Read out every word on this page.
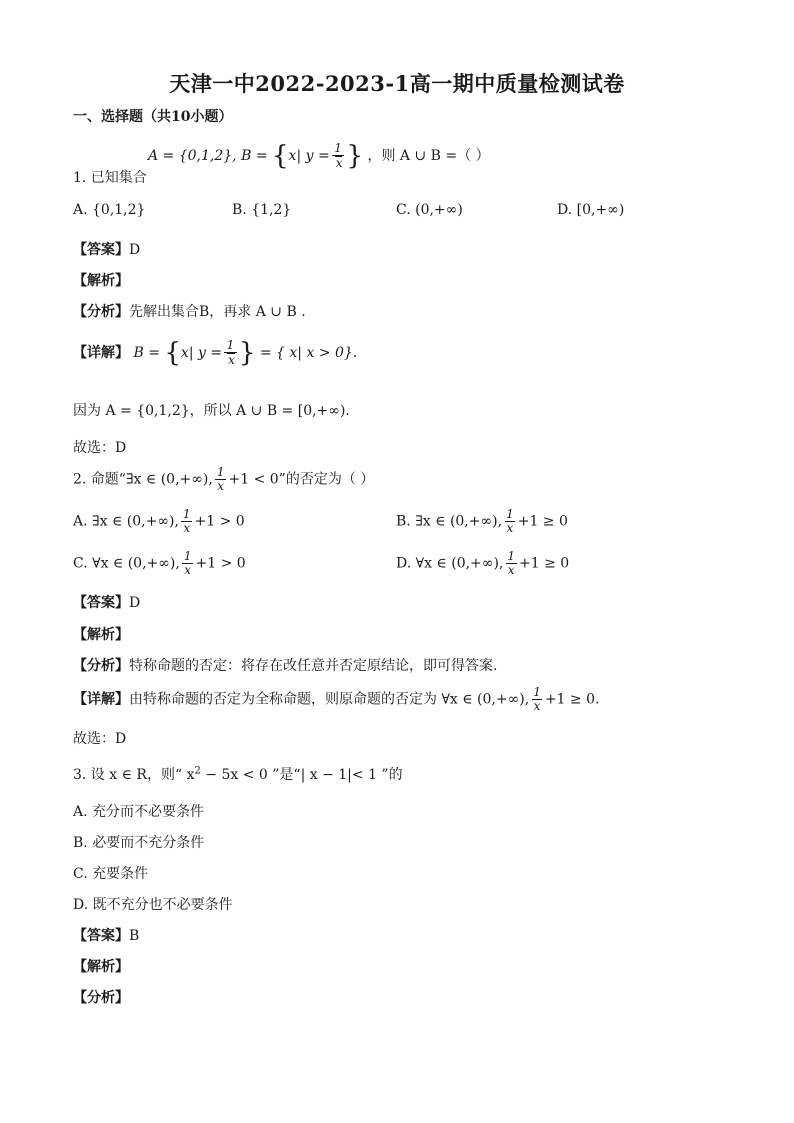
天津一中2022-2023-1高一期中质量检测试卷
一、选择题（共10小题）
A = {0,1,2}, B = {x| $y = \frac{1}{x}$ } ，则 A ∪ B =（ ）
1. 已知集合
A. {0,1,2}	B. {1,2}	C. (0,+∞)	D. [0,+∞)
【答案】D
【解析】
【分析】先解出集合B，再求 A ∪ B .
【详解】 B = {x| $y = \frac{1}{x}$ } = { x| x > 0}.
因为 A = {0,1,2}，所以 A ∪ B = [0,+∞).
故选：D
2. 命题“∃x ∈ (0,+∞), $\frac{1}{x} +1 < 0$”的否定为（ ）
A. ∃x ∈ (0,+∞), $\frac{1}{x} +1 > 0$	B. ∃x ∈ (0,+∞), $\frac{1}{x} +1 \ge 0$
C. ∀x ∈ (0,+∞), $\frac{1}{x} +1 > 0$	D. ∀x ∈ (0,+∞), $\frac{1}{x} +1 \ge 0$
【答案】D
【解析】
【分析】特称命题的否定：将存在改任意并否定原结论，即可得答案.
【详解】由特称命题的否定为全称命题，则原命题的否定为 ∀x ∈ (0,+∞), $\frac{1}{x} +1 \ge 0$.
故选：D
3. 设 x ∈ R，则“ $x^2 - 5x < 0$ ”是“| x − 1|< 1 ”的
A. 充分而不必要条件
B. 必要而不充分条件
C. 充要条件
D. 既不充分也不必要条件
【答案】B
【解析】
【分析】
